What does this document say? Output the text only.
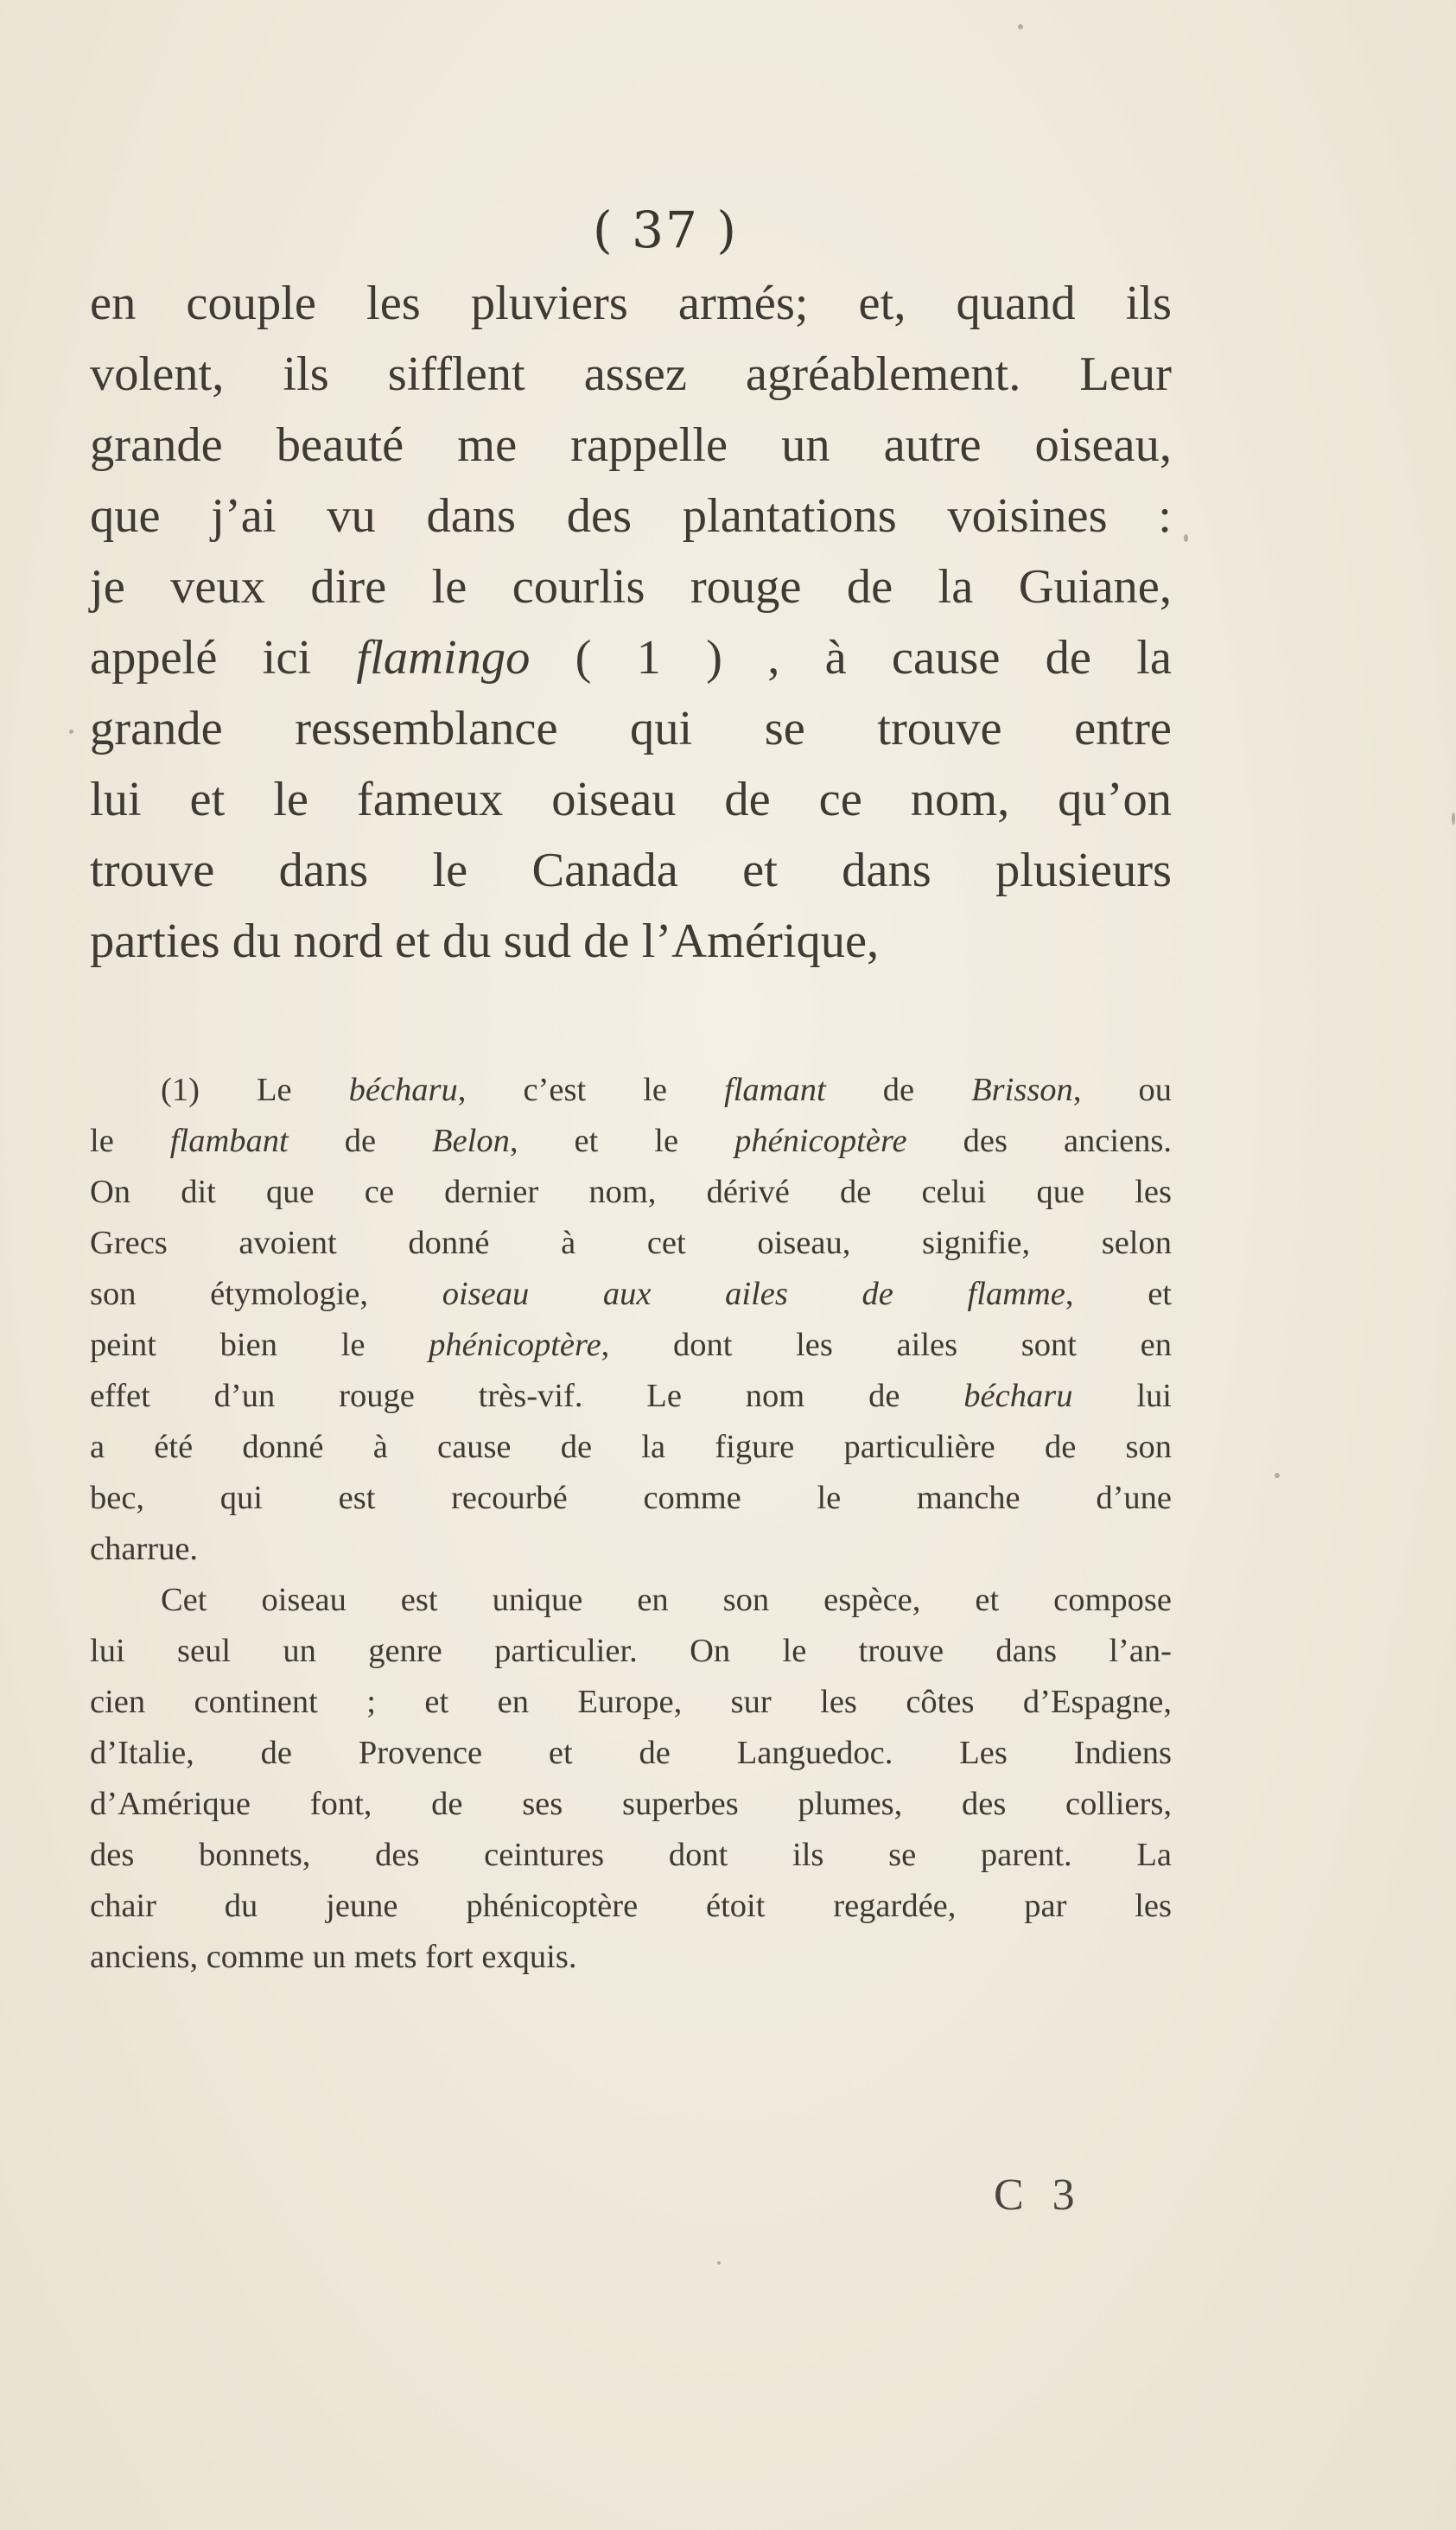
( 37 )
en couple les pluviers armés; et, quand ils
volent, ils sifflent assez agréablement. Leur
grande beauté me rappelle un autre oiseau,
que j’ai vu dans des plantations voisines :
je veux dire le courlis rouge de la Guiane,
appelé ici flamingo ( 1 ) , à cause de la
grande ressemblance qui se trouve entre
lui et le fameux oiseau de ce nom, qu’on
trouve dans le Canada et dans plusieurs
parties du nord et du sud de l’Amérique,
(1) Le bécharu, c’est le flamant de Brisson, ou
le flambant de Belon, et le phénicoptère des anciens.
On dit que ce dernier nom, dérivé de celui que les
Grecs avoient donné à cet oiseau, signifie, selon
son étymologie, oiseau aux ailes de flamme, et
peint bien le phénicoptère, dont les ailes sont en
effet d’un rouge très-vif. Le nom de bécharu lui
a été donné à cause de la figure particulière de son
bec, qui est recourbé comme le manche d’une
charrue.
Cet oiseau est unique en son espèce, et compose
lui seul un genre particulier. On le trouve dans l’an-
cien continent ; et en Europe, sur les côtes d’Espagne,
d’Italie, de Provence et de Languedoc. Les Indiens
d’Amérique font, de ses superbes plumes, des colliers,
des bonnets, des ceintures dont ils se parent. La
chair du jeune phénicoptère étoit regardée, par les
anciens, comme un mets fort exquis.
C 3
